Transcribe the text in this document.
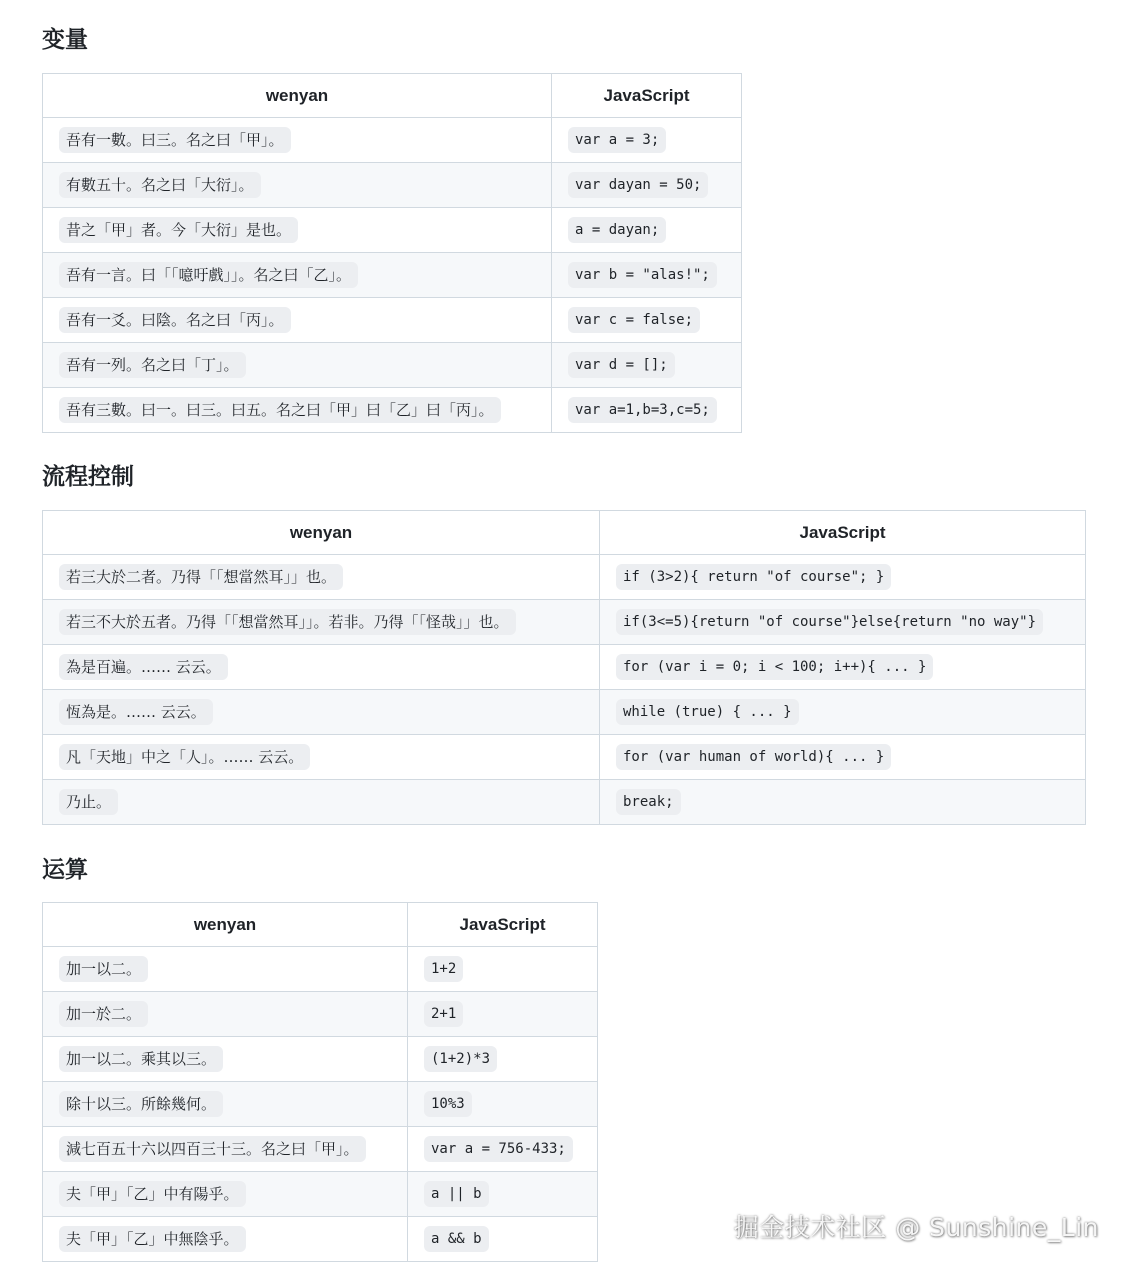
变量
wenyan	JavaScript
吾有一數。曰三。名之曰「甲」。	var a = 3;
有數五十。名之曰「大衍」。	var dayan = 50;
昔之「甲」者。今「大衍」是也。	a = dayan;
吾有一言。曰「「噫吁戲」」。名之曰「乙」。	var b = "alas!";
吾有一爻。曰陰。名之曰「丙」。	var c = false;
吾有一列。名之曰「丁」。	var d = [];
吾有三數。曰一。曰三。曰五。名之曰「甲」曰「乙」曰「丙」。	var a=1,b=3,c=5;
流程控制
wenyan	JavaScript
若三大於二者。乃得「「想當然耳」」也。	if (3>2){ return "of course"; }
若三不大於五者。乃得「「想當然耳」」。若非。乃得「「怪哉」」也。	if(3<=5){return "of course"}else{return "no way"}
為是百遍。…… 云云。	for (var i = 0; i < 100; i++){ ... }
恆為是。…… 云云。	while (true) { ... }
凡「天地」中之「人」。…… 云云。	for (var human of world){ ... }
乃止。	break;
运算
wenyan	JavaScript
加一以二。	1+2
加一於二。	2+1
加一以二。乘其以三。	(1+2)*3
除十以三。所餘幾何。	10%3
減七百五十六以四百三十三。名之曰「甲」。	var a = 756-433;
夫「甲」「乙」中有陽乎。	a || b
夫「甲」「乙」中無陰乎。	a && b	掘金技术社区 @ Sunshine_Lin
